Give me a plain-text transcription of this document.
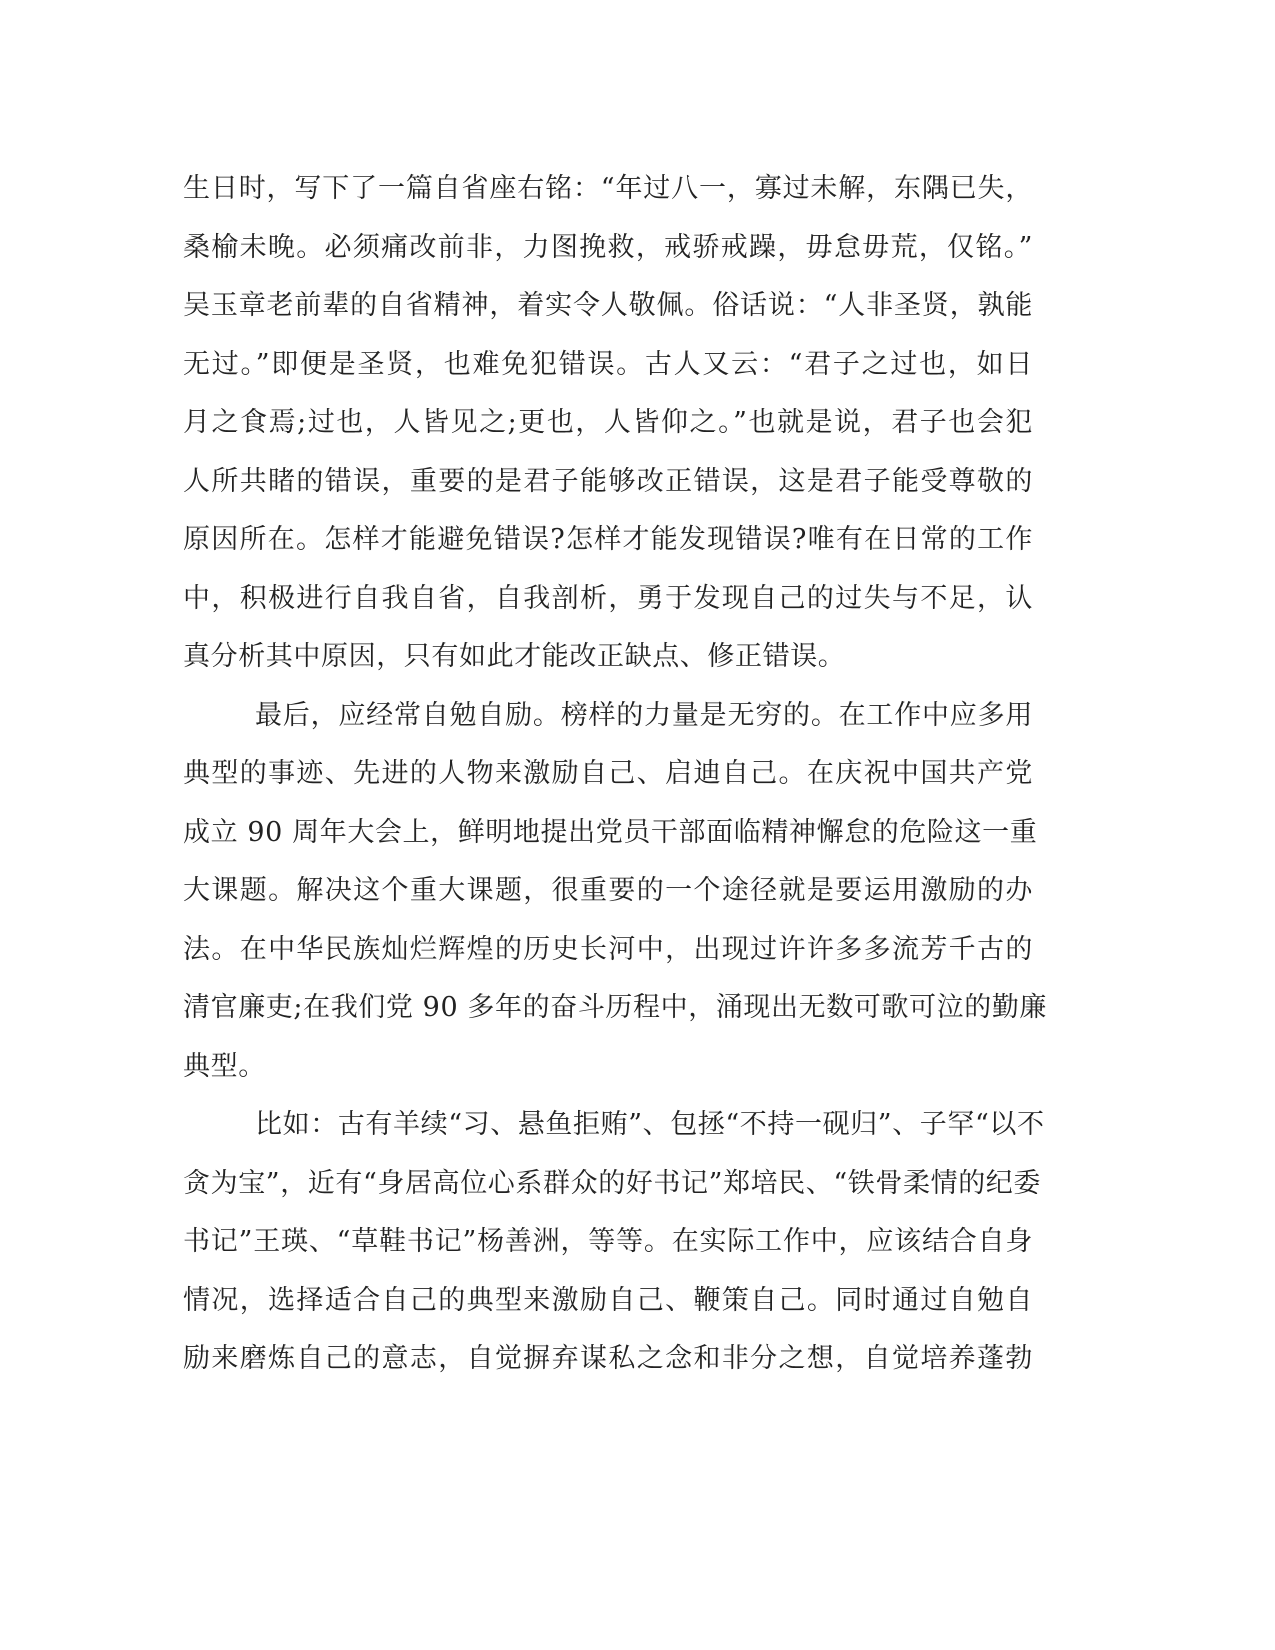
生日时，写下了一篇自省座右铭：“年过八一，寡过未解，东隅已失，
桑榆未晚。必须痛改前非，力图挽救，戒骄戒躁，毋怠毋荒，仅铭。”
吴玉章老前辈的自省精神，着实令人敬佩。俗话说：“人非圣贤，孰能
无过。”即便是圣贤，也难免犯错误。古人又云：“君子之过也，如日
月之食焉;过也，人皆见之;更也，人皆仰之。”也就是说，君子也会犯
人所共睹的错误，重要的是君子能够改正错误，这是君子能受尊敬的
原因所在。怎样才能避免错误?怎样才能发现错误?唯有在日常的工作
中，积极进行自我自省，自我剖析，勇于发现自己的过失与不足，认
真分析其中原因，只有如此才能改正缺点、修正错误。
最后，应经常自勉自励。榜样的力量是无穷的。在工作中应多用
典型的事迹、先进的人物来激励自己、启迪自己。在庆祝中国共产党
成立 90 周年大会上，鲜明地提出党员干部面临精神懈怠的危险这一重
大课题。解决这个重大课题，很重要的一个途径就是要运用激励的办
法。在中华民族灿烂辉煌的历史长河中，出现过许许多多流芳千古的
清官廉吏;在我们党 90 多年的奋斗历程中，涌现出无数可歌可泣的勤廉
典型。
比如：古有羊续“习、悬鱼拒贿”、包拯“不持一砚归”、子罕“以不
贪为宝”，近有“身居高位心系群众的好书记”郑培民、“铁骨柔情的纪委
书记”王瑛、“草鞋书记”杨善洲，等等。在实际工作中，应该结合自身
情况，选择适合自己的典型来激励自己、鞭策自己。同时通过自勉自
励来磨炼自己的意志，自觉摒弃谋私之念和非分之想，自觉培养蓬勃
